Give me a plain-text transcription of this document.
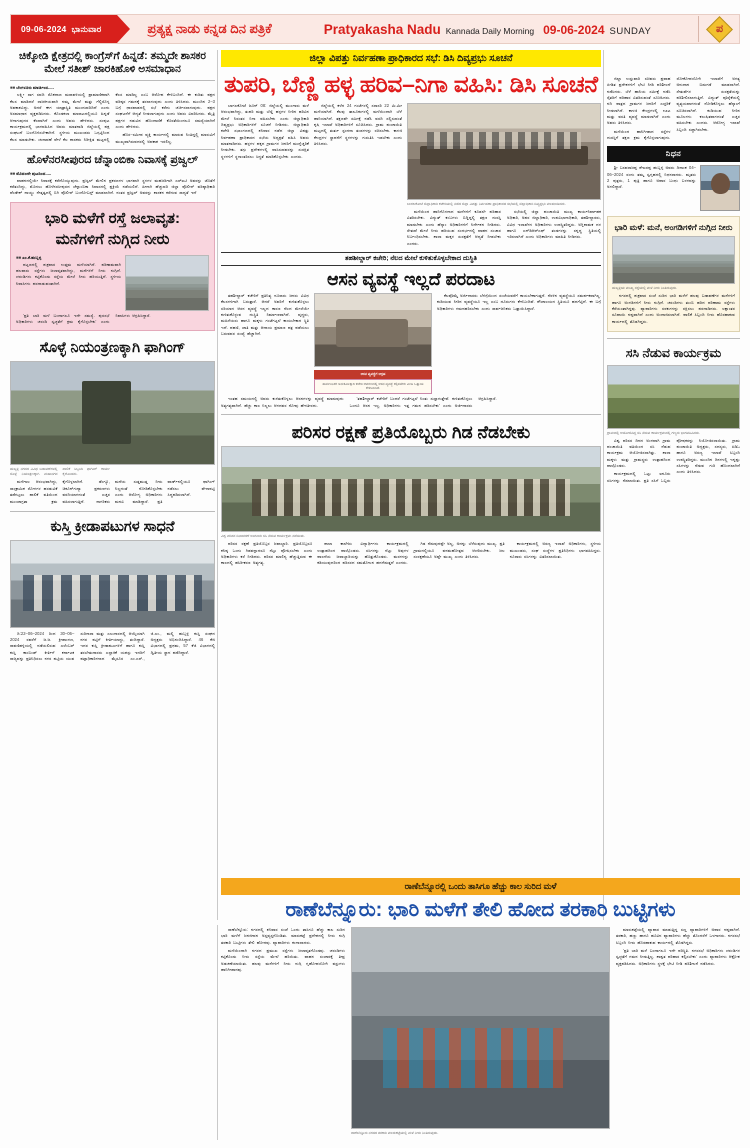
09-06-2024 ಭಾನುವಾರ	ಪ್ರತ್ಯಕ್ಷ ನಾಡು ಕನ್ನಡ ದಿನ ಪತ್ರಿಕೆ	Pratyakasha Nadu Kannada Daily Morning 09-06-2024 SUNDAY	ಪ
ಚಿಕ್ಕೋಡಿ ಕ್ಷೇತ್ರದಲ್ಲಿ ಕಾಂಗ್ರೆಸ್‌ಗೆ ಹಿನ್ನಡೆ: ತಮ್ಮದೇ ಶಾಸಕರ ಮೇಲೆ ಸತೀಶ್ ಜಾರಕಿಹೊಳಿ ಅಸಮಾಧಾನ
■■ ಬೆಂಗಳೂರು ಮಾರ್ಚಿಂದ.....

ಲಕ್ಷ್ಮೀ ಸಾಗ ಸವದಿ ರೊಕದಾಣ ಮರಾವಳಿಯಲ್ಲಿ ಪ್ರಾಮಾಣಿಕವಾಗಿ ಕೆಲಸ ಮಾಡಿದರೆ ರಾಜಕೀಯವಾಗಿ ನಮ್ಮ ಮೇಲೆ ಮತ್ತು ಗೆಲ್ಲಿಸೊಳ್ಳ ಅವಕಾಶವಿದ್ದು. ಅದರೆ ಈಗ ಯಾತ್ರಾಸ್ಥಿತಿ ಮುಂದುವರಿದಿದೆ ಎಂದು ಅಸಮಾಧಾನ ವ್ಯಕ್ತಪಡಿಸಿದರು. ಕೊಂಡಕಲಾ ಮಾರಾಟದಲ್ಲಿಯೂ ಹಿನ್ನಡೆ ಆಗಾಗುವುದರ ಕೆಲವಾಗಿದೆ ಎಂದು ಅವರು ಹೇಳಿದರು. ಸಂಪುಟ ಕಾರ್ಯಕ್ರಮದಲ್ಲಿ ಭಾಗವಹಿಸಿದ ಅವರು ಮಾತನಾಡಿ ಜಿಲ್ಲೆಯಲ್ಲಿ ಪಕ್ಷ ಸಂಘಟನೆ ಬಲಗೊಳಿಸಬೇಕಾಗಿದೆ. ಸ್ಥಳೀಯ ಮುಖಂಡರು ಒಗ್ಗಟ್ಟಿನಿಂದ ಕೆಲಸ ಮಾಡಬೇಕು. ಚುನಾವಣೆ ವೇಳೆ ಕೆಲ ಶಾಸಕರು ನಿರೀಕ್ಷಿತ ಮಟ್ಟದಲ್ಲಿ ಕೆಲಸ ಮಾಡಿಲ್ಲ ಎಂಬ ಆರೋಪ ಕೇಳಿಬಂದಿದೆ. ಈ ಕುರಿತು ಪಕ್ಷದ ವರಿಷ್ಠರ ಗಮನಕ್ಕೆ ತರಲಾಗುವುದು ಎಂದು ತಿಳಿಸಿದರು. ಮುಂದಿನ 2–3 ಬಗ್ಗೆ ಧಾರವಾಡದಲ್ಲಿ ಸಭೆ ಕರೆದು ಚರ್ಚಿಸಲಾಗುವುದು. ಪಕ್ಷದ ಸಂಘಟನೆಗೆ ಆದ್ಯತೆ ನೀಡಲಾಗುವುದು ಎಂದು ಅವರು ವಿವರಿಸಿದರು. ಮೈತ್ರಿ ಪಕ್ಷಗಳ ನಡುವಿನ ಹೊಂದಾಣಿಕೆ ಕೊರತೆಯಿಂದಲೂ ಸಮಸ್ಯೆಯಾಗಿದೆ ಎಂದು ಹೇಳಿದರು.

ಹೊಸ–ಸಮೀಪ ವ್ಯಕ್ತಿ ಕಾರ್ಯದಲ್ಲಿ ಮಾರುವ ನಿಂತಿದ್ದಲ್ಲಿ ಮಾರುವಿಗೆ ಮುಖ್ಯವಾಗಿರುವದರಲ್ಲಿ ಅವಕಾಶ ಇರಲಿಲ್ಲ.

ಹೊಳೆನರಸೀಪುರದ ಚೆನ್ನಾಂಬಿಕಾ ನಿವಾಸಕ್ಕೆ ಪ್ರಜ್ವಲ್
■■ ಮೊದಲನೇ ಪುಟದಿಂದ.....

ವಾಹನದಲ್ಲಿಯೇ ನಿವಾಸಕ್ಕೆ ಕರೆದೊಯ್ಯುವುದು. ಪ್ರಜ್ವಲ್ ಮೇಲಿನ ಪ್ರಕರಣಗಳ ಭಾಗವಾಗಿ ಸ್ಥಳಗಳ ಮಹಜರಿಗಾಗಿ ಎಸ್‌ಐಟಿ ಅವರನ್ನು ಜೊತೆಗೆ ಕರೆತಂದಿದ್ದು, ಮೊದಲು ಹೊಳೆನರಸೀಪುರದ ಚೆನ್ನಾಂಬಿಕಾ ನಿವಾಸದಲ್ಲಿ ಪ್ರಕ್ರಿಯೆ ನಡೆಯಲಿದೆ. ಹೀಗಾಗಿ ಹೆಚ್ಚುವರಿ ಜಿಲ್ಲಾ ಪೊಲೀಸ್ ವರಿಷ್ಠಾಧಿಕಾರಿ ಪೆಂಡೇಶ್ ನಾಯ್ಡು ನೇತೃತ್ವದಲ್ಲಿ ಬಿಗಿ ಪೊಲೀಸ್ ಬಂದೋಬಸ್ತ್ ಮಾಡಲಾಗಿದೆ. ನಂತರ ಪ್ರಜ್ವಲ್ ಅವರನ್ನು ಶಾಸಕನ ಕರೆದುವ ಸಾಧ್ಯತೆ ಇದೆ

ಭಾರಿ ಮಳೆಗೆ ರಸ್ತೆ ಜಲಾವೃತ:
ಮನೆಗಳಿಗೆ ನುಗ್ಗಿದ ನೀರು
■■ ಎಂ.ಕೆ.ಹುಬ್ಬಳ್ಳಿ

ಪಟ್ಟಣದಲ್ಲಿ ಶುಕ್ರವಾರ ಉತ್ತಮ ಮಳೆಯಾಗಿದೆ. ಪರಿಣಾಮವಾಗಿ ಹಲವಾರು ರಸ್ತೆಗಳು ಜಲಾವೃತವಾಗಿದ್ದು, ಮನೆಗಳಿಗೆ ನೀರು ನುಗ್ಗಿದೆ. ಚರಂಡಿಗಳು ಕಟ್ಟಿಕೊಂಡು ರಸ್ತೆಯ ಮೇಲೆ ನೀರು ಹರಿಯುತ್ತಿದೆ. ಸ್ಥಳೀಯ ನಿವಾಸಿಗಳು ಪರದಾಡುವಂತಾಗಿದೆ.

'ಪ್ರತಿ ಬಾರಿ ಮಳೆ ಬಂದಾಗಲೂ ಇದೇ ಸಮಸ್ಯೆ. ಪುರಸಭೆ ಅಧಿಕಾರಿಗಳು ಚರಂಡಿ ಸ್ವಚ್ಛತೆಗೆ ಕ್ರಮ ಕೈಗೊಳ್ಳಬೇಕು' ಎಂದು ನಿವಾಸಿಗಳು ಆಗ್ರಹಿಸಿದ್ದಾರೆ.

ಸೊಳ್ಳೆ ನಿಯಂತ್ರಣಕ್ಕಾಗಿ ಫಾಗಿಂಗ್
ಹುಬ್ಬಳ್ಳಿ ನಗರದ ವಿವಿಧ ಬಡಾವಣೆಗಳಲ್ಲಿ ಸೊಳ್ಳೆ ನಿಯಂತ್ರಣಕ್ಕಾಗಿ ಮಹಾನಗರ ಪಾಲಿಕೆ ಸಿಬ್ಬಂದಿ ಫಾಗಿಂಗ್ ಕಾರ್ಯ ಕೈಗೊಂಡರು.

ಮಳೆಗಾಲ ಆರಂಭವಾಗಿದ್ದು, ಸಾಂಕ್ರಾಮಿಕ ರೋಗಗಳ ಹರಡುವಿಕೆ ತಡೆಗಟ್ಟಲು ಪಾಲಿಕೆ ವತಿಯಿಂದ ಮುಂಜಾಗ್ರತಾ ಕ್ರಮ ಕೈಗೊಳ್ಳಲಾಗಿದೆ. ಡೆಂಗ್ಯೂ, ಚಿಕೂನ್‌ಗುನ್ಯಾ ಪ್ರಕರಣಗಳು ವರದಿಯಾಗದಂತೆ ಎಚ್ಚರ ವಹಿಸಲಾಗುತ್ತಿದೆ. ನಾಗರಿಕರು ಮನೆಯ ಸುತ್ತಮುತ್ತ ನೀರು ನಿಲ್ಲದಂತೆ ನೋಡಿಕೊಳ್ಳಬೇಕು ಎಂದು ಆರೋಗ್ಯ ಅಧಿಕಾರಿಗಳು ಮನವಿ ಮಾಡಿದ್ದಾರೆ. ಪ್ರತಿ ವಾರ್ಡ್‌ನಲ್ಲಿಯೂ ಫಾಗಿಂಗ್ ನಡೆಸಲು ವೇಳಾಪಟ್ಟಿ ಸಿದ್ಧಪಡಿಸಲಾಗಿದೆ.

ಕುಸ್ತಿ ಕ್ರೀಡಾಪಟುಗಳ ಸಾಧನೆ

ದಿ:22–06–2024 ರಿಂದ 30–06–2024 ರವರೆಗೆ ಜ.ಜ. ಕ್ರೀಡಾಂಗಣ, ರಾವಣಿಹಳ್ಳಿಯಲ್ಲಿ ನಡೆಯಲಿರುವ ಎಲೆಂಬರ್ ಕುಸ್ತಿ ಕಾಂಬಿಂಡ್ ಕೀರ್ತಿಗೆ ಕರ್ನಾಟಕ ರಾಜ್ಯವನ್ನು ಪ್ರತಿನಿಧಿಸಲು ನಗರ ಪಟ್ಟಿಯ ಯುವ ಸುರಿಗಾರಾ ಮತ್ತು ಎಲುಗಾರದಲ್ಲಿ ಆಯ್ಕೆಯಾಗಿ ನಗರ ಪಟ್ಟಿಗೆ ಕೀರ್ತಿಯಾದ್ದು, ತಂದಿದ್ದಾರೆ. ಇದರ ಕುಸ್ತಿ ಕ್ರೀಡಾಪಟುಗಳಿಗೆ ಹಾಗೂ ಕುಸ್ತಿ ತರಬೇತುದಾರರು ಎಲ್ಲಾಕಿಕೆ ಯಶಸ್ಸು ಇದರಿಗೆ ಪಟ್ಟಾಧಿಕಾರಿಗಳಾದ ಮೈಸೂರ ಎಂ.ಎಸ್., ಜಿ.ಎಂ., ಮಲ್ಲಿ ಹುಬ್ಬಳ್ಳಿ ಕುಸ್ತಿ ಸಂಘದ ಅಧ್ಯಕ್ಷರು ಅಭಿನಂದಿಸಿದ್ದಾರೆ. 46 ಕೆಜಿ ವಿಭಾಗದಲ್ಲಿ ಪ್ರಥಮ, 57 ಕೆಜಿ ವಿಭಾಗದಲ್ಲಿ ದ್ವಿತೀಯ ಸ್ಥಾನ ಪಡೆದಿದ್ದಾರೆ.

ಜಿಲ್ಲಾ ವಿಪತ್ತು ನಿರ್ವಹಣಾ ಪ್ರಾಧಿಕಾರದ ಸಭೆ: ಡಿಸಿ ದಿವ್ಯಪ್ರಭು ಸೂಚನೆ
ತುಪರಿ, ಬೆಣ್ಣಿ ಹಳ್ಳ ಹರಿವ–ನಿಗಾ ವಹಿಸಿ: ಡಿಸಿ ಸೂಚನೆ

ಬಾಗಲಕೋಟೆ ಜೂನ್ 08: ಜಿಲ್ಲೆಯಲ್ಲಿ ಮುಂಗಾರು ಮಳೆ ಆರಂಭವಾಗಿದ್ದು, ತುಪರಿ ಮತ್ತು ಬೆಣ್ಣಿ ಹಳ್ಳಗಳ ನೀರಿನ ಹರಿವಿನ ಮೇಲೆ ನಿರಂತರ ನಿಗಾ ವಹಿಸಬೇಕು ಎಂದು ಜಿಲ್ಲಾಧಿಕಾರಿ ದಿವ್ಯಪ್ರಭು ಅಧಿಕಾರಿಗಳಿಗೆ ಸೂಚನೆ ನೀಡಿದರು. ಜಿಲ್ಲಾಧಿಕಾರಿ ಕಚೇರಿ ಸಭಾಂಗಣದಲ್ಲಿ ಶನಿವಾರ ನಡೆದ ಜಿಲ್ಲಾ ವಿಪತ್ತು ನಿರ್ವಹಣಾ ಪ್ರಾಧಿಕಾರದ ಸಭೆಯ ಅಧ್ಯಕ್ಷತೆ ವಹಿಸಿ ಅವರು ಮಾತನಾಡಿದರು. ಹಳ್ಳಗಳ ಪಕ್ಕದ ಗ್ರಾಮಗಳ ಜನರಿಗೆ ಮುನ್ನೆಚ್ಚರಿಕೆ ನೀಡಬೇಕು. ತಗ್ಗು ಪ್ರದೇಶಗಳಲ್ಲಿ ವಾಸಿಸುವವರನ್ನು ಸುರಕ್ಷಿತ ಸ್ಥಳಗಳಿಗೆ ಸ್ಥಳಾಂತರಿಸಲು ಸಿದ್ಧತೆ ಮಾಡಿಕೊಳ್ಳಬೇಕು ಎಂದರು.

ಜಿಲ್ಲೆಯಲ್ಲಿ ಕಳೆದ 24 ಗಂಟೆಗಳಲ್ಲಿ ಸರಾಸರಿ 22 ಮಿ.ಮೀ ಮಳೆಯಾಗಿದೆ. ಕೆಲವು ತಾಲೂಕುಗಳಲ್ಲಿ ಮಳೆಯಿಂದಾಗಿ ಬೆಳೆ ಹಾನಿಯಾಗಿದೆ. ತಕ್ಷಣವೇ ಸಮೀಕ್ಷೆ ನಡೆಸಿ ವರದಿ ಸಲ್ಲಿಸುವಂತೆ ಕೃಷಿ ಇಲಾಖೆ ಅಧಿಕಾರಿಗಳಿಗೆ ಸೂಚಿಸಿದರು. ಗ್ರಾಮ ಪಂಚಾಯಿತಿ ಮಟ್ಟದಲ್ಲಿ ತುರ್ತು ಸ್ಪಂದನಾ ತಂಡಗಳನ್ನು ರಚಿಸಬೇಕು. ಕಾಳಜಿ ಕೇಂದ್ರಗಳ ಸ್ಥಾಪನೆಗೆ ಸ್ಥಳಗಳನ್ನು ಗುರುತಿಸಿ ಇಡಬೇಕು ಎಂದು ತಿಳಿಸಿದರು.

ಬಾಗಲಕೋಟೆ ಜಿಲ್ಲಾಧಿಕಾರಿ ಕಚೇರಿಯಲ್ಲಿ ನಡೆದ ಜಿಲ್ಲಾ ವಿಪತ್ತು ನಿರ್ವಹಣಾ ಪ್ರಾಧಿಕಾರದ ಸಭೆಯಲ್ಲಿ ಜಿಲ್ಲಾಧಿಕಾರಿ ದಿವ್ಯಪ್ರಭು ಮಾತನಾಡಿದರು.

ಮಳೆಯಿಂದ ಹಾನಿಗೊಳಗಾದ ಮನೆಗಳಿಗೆ ಕೂಡಲೇ ಪರಿಹಾರ ವಿತರಿಸಬೇಕು. ವಿದ್ಯುತ್ ಕಂಬಗಳು ಬಿದ್ದಿದ್ದಲ್ಲಿ ತಕ್ಷಣ ದುರಸ್ತಿ ಮಾಡಬೇಕು ಎಂದು ಹೆಸ್ಕಾಂ ಅಧಿಕಾರಿಗಳಿಗೆ ನಿರ್ದೇಶನ ನೀಡಿದರು. ಸೇತುವೆ ಮೇಲೆ ನೀರು ಹರಿಯುವ ಸಂದರ್ಭದಲ್ಲಿ ವಾಹನ ಸಂಚಾರ ನಿರ್ಬಂಧಿಸಬೇಕು. ಶಾಲಾ ಮಕ್ಕಳ ಸುರಕ್ಷತೆಗೆ ಆದ್ಯತೆ ನೀಡಬೇಕು ಎಂದರು.

ಸಭೆಯಲ್ಲಿ ಜಿಲ್ಲಾ ಪಂಚಾಯಿತಿ ಮುಖ್ಯ ಕಾರ್ಯನಿರ್ವಾಹಕ ಅಧಿಕಾರಿ, ಅಪರ ಜಿಲ್ಲಾಧಿಕಾರಿ, ಉಪವಿಭಾಗಾಧಿಕಾರಿ, ತಹಶೀಲ್ದಾರರು, ವಿವಿಧ ಇಲಾಖೆಗಳ ಅಧಿಕಾರಿಗಳು ಉಪಸ್ಥಿತರಿದ್ದರು. ಅಗ್ನಿಶಾಮಕ ದಳ ಹಾಗೂ ಎನ್‌ಡಿಆರ್‌ಎಫ್ ತಂಡಗಳನ್ನು ಸನ್ನದ್ಧ ಸ್ಥಿತಿಯಲ್ಲಿ ಇರಿಸಲಾಗಿದೆ ಎಂದು ಅಧಿಕಾರಿಗಳು ಮಾಹಿತಿ ನೀಡಿದರು.

ತಹಶೀಲ್ದಾರ್ ಕಚೇರಿ; ನೆಲದ ಮೇಲೆ ಕುಳಿತುಕೊಳ್ಳಬೇಕಾದ ದುಸ್ಥಿತಿ
ಆಸನ ವ್ಯವಸ್ಥೆ ಇಲ್ಲದೆ ಪರದಾಟ

ತಹಶೀಲ್ದಾರ್ ಕಚೇರಿಗೆ ಪ್ರತಿನಿತ್ಯ ನೂರಾರು ಜನರು ವಿವಿಧ ಕೆಲಸಗಳಿಗಾಗಿ ಬರುತ್ತಾರೆ. ಆದರೆ ಅವರಿಗೆ ಕುಳಿತುಕೊಳ್ಳಲು ಸರಿಯಾದ ಆಸನ ವ್ಯವಸ್ಥೆ ಇಲ್ಲದ ಕಾರಣ ನೆಲದ ಮೇಲೆಯೇ ಕುಳಿತುಕೊಳ್ಳುವ ದುಸ್ಥಿತಿ ನಿರ್ಮಾಣವಾಗಿದೆ. ವೃದ್ಧರು, ಮಹಿಳೆಯರು ಹಾಗೂ ಮಕ್ಕಳು ಗಂಟೆಗಟ್ಟಲೆ ಕಾಯಬೇಕಾದ ಸ್ಥಿತಿ ಇದೆ. ಪಹಣಿ, ಜಾತಿ ಮತ್ತು ಆದಾಯ ಪ್ರಮಾಣ ಪತ್ರ ಪಡೆಯಲು ಬರುವವರ ಸಂಖ್ಯೆ ಹೆಚ್ಚಾಗಿದೆ.

ಆಸನ ವ್ಯವಸ್ಥೆಗೆ ಆಗ್ರಹ
ಸಾರ್ವಜನಿಕರ ಅನುಕೂಲಕ್ಕಾಗಿ ಕಚೇರಿ ಆವರಣದಲ್ಲಿ ಆಸನ ವ್ಯವಸ್ಥೆ ಕಲ್ಪಿಸಬೇಕು ಎಂಬ ಒತ್ತಾಯ ಕೇಳಿಬಂದಿದೆ.

ಕೆಲವೊಮ್ಮೆ ಅರ್ಜಿದಾರರು ಬೆಳಿಗ್ಗೆಯಿಂದ ಸಂಜೆಯವರೆಗೆ ಕಾಯಬೇಕಾಗುತ್ತದೆ. ನೆರಳಿನ ವ್ಯವಸ್ಥೆಯೂ ಸಮರ್ಪಕವಾಗಿಲ್ಲ. ಕುಡಿಯುವ ನೀರಿನ ವ್ಯವಸ್ಥೆಯೂ ಇಲ್ಲ ಎಂಬ ದೂರುಗಳು ಕೇಳಿಬಂದಿವೆ. ಶೌಚಾಲಯದ ಸ್ಥಿತಿಯೂ ಹದಗೆಟ್ಟಿದೆ. ಈ ಬಗ್ಗೆ ಅಧಿಕಾರಿಗಳು ಗಮನಹರಿಸಬೇಕು ಎಂದು ಸಾರ್ವಜನಿಕರು ಒತ್ತಾಯಿಸಿದ್ದಾರೆ.

ಇಂತಹ ಸಮಯದಲ್ಲಿ ಅವರು ಕುಳಿತುಕೊಳ್ಳಲು ಆಸನಗಳನ್ನು ವ್ಯವಸ್ಥೆ ಮಾಡುವುದು ಅತ್ಯಗತ್ಯವಾಗಿದೆ. ಹೆಚ್ಚು ಕಾಲ ನಿಲ್ಲಲು ಆಗದವರ ನೋವು ಹೇಳತೀರದು.

'ತಹಶೀಲ್ದಾರ್ ಕಚೇರಿಗೆ ಬಂದರೆ ಗಂಟೆಗಟ್ಟಲೆ ನಿಂತು ಸುಸ್ತಾಗುತ್ತೇವೆ. ಕುಳಿತುಕೊಳ್ಳಲು ಒಂದೂ ಆಸನ ಇಲ್ಲ. ಅಧಿಕಾರಿಗಳು ಇತ್ತ ಗಮನ ಹರಿಸಬೇಕು' ಎಂದು ಅರ್ಜಿದಾರರು ಆಗ್ರಹಿಸಿದ್ದಾರೆ.

ಪರಿಸರ ರಕ್ಷಣೆ ಪ್ರತಿಯೊಬ್ಬರು ಗಿಡ ನೆಡಬೇಕು
ವಿಶ್ವ ಪರಿಸರ ದಿನಾಚರಣೆ ಅಂಗವಾಗಿ ಸಸಿ ನೆಡುವ ಕಾರ್ಯಕ್ರಮ ನಡೆಯಿತು.

ಪರಿಸರ ರಕ್ಷಣೆ ಪ್ರತಿಯೊಬ್ಬರ ಜವಾಬ್ದಾರಿ. ಪ್ರತಿಯೊಬ್ಬರೂ ಕನಿಷ್ಠ ಒಂದು ಗಿಡವನ್ನಾದರೂ ನೆಟ್ಟು ಪೋಷಿಸಬೇಕು ಎಂದು ಅಧಿಕಾರಿಗಳು ಕರೆ ನೀಡಿದರು. ಪರಿಸರ ಮಾಲಿನ್ಯ ಹೆಚ್ಚುತ್ತಿರುವ ಈ ಕಾಲದಲ್ಲಿ ಹಸಿರೀಕರಣ ಅತ್ಯಗತ್ಯ.

ಶಾಲಾ ಕಾಲೇಜು ವಿದ್ಯಾರ್ಥಿಗಳು ಕಾರ್ಯಕ್ರಮದಲ್ಲಿ ಉತ್ಸಾಹದಿಂದ ಪಾಲ್ಗೊಂಡರು. ಸಸಿಗಳನ್ನು ನೆಟ್ಟು ಅವುಗಳ ಪಾಲನೆಯ ಜವಾಬ್ದಾರಿಯನ್ನು ಹೊತ್ತುಕೊಂಡರು. ಮರಗಳನ್ನು ಕಡಿಯುವುದರಿಂದ ಪರಿಸರದ ಸಮತೋಲನ ಹದಗೆಡುತ್ತದೆ ಎಂದರು.

ಗಿಡ ನೆಡುವುದಷ್ಟೇ ಅಲ್ಲ, ಅದನ್ನು ಬೆಳೆಸುವುದು ಮುಖ್ಯ. ಪ್ರತಿ ಗ್ರಾಮದಲ್ಲಿಯೂ ವನಮಹೋತ್ಸವ ಆಚರಿಸಬೇಕು. ಜಲ ಸಂರಕ್ಷಣೆಯೂ ಅಷ್ಟೇ ಮುಖ್ಯ ಎಂದು ತಿಳಿಸಿದರು.

ಕಾರ್ಯಕ್ರಮದಲ್ಲಿ ಅರಣ್ಯ ಇಲಾಖೆ ಅಧಿಕಾರಿಗಳು, ಸ್ಥಳೀಯ ಮುಖಂಡರು, ಸಂಘ ಸಂಸ್ಥೆಗಳ ಪ್ರತಿನಿಧಿಗಳು ಭಾಗವಹಿಸಿದ್ದರು. ನೂರಾರು ಸಸಿಗಳನ್ನು ವಿತರಿಸಲಾಯಿತು.

ಜಿಲ್ಲಾ ಉಸ್ತುವಾರಿ ಸಚಿವರು ಪ್ರವಾಹ ಪೀಡಿತ ಪ್ರದೇಶಗಳಿಗೆ ಭೇಟಿ ನೀಡಿ ಪರಿಶೀಲನೆ ನಡೆಸಿದರು. ಬೆಳೆ ಹಾನಿಯ ಸಮೀಕ್ಷೆ ನಡೆಸಿ ರೈತರಿಗೆ ಪರಿಹಾರ ವಿತರಿಸುವಂತೆ ಸೂಚಿಸಿದರು. ನದಿ ಪಾತ್ರದ ಗ್ರಾಮಗಳ ಜನರಿಗೆ ಎಚ್ಚರಿಕೆ ನೀಡಲಾಗಿದೆ. ಕಾಳಜಿ ಕೇಂದ್ರಗಳಲ್ಲಿ ಊಟ ಮತ್ತು ವಸತಿ ವ್ಯವಸ್ಥೆ ಮಾಡಲಾಗಿದೆ ಎಂದು ಅವರು ತಿಳಿಸಿದರು.

ಮಳೆಯಿಂದ ಹಾನಿಗೀಡಾದ ರಸ್ತೆಗಳ ದುರಸ್ತಿಗೆ ತಕ್ಷಣ ಕ್ರಮ ಕೈಗೊಳ್ಳಲಾಗುವುದು. ಲೋಕೋಪಯೋಗಿ ಇಲಾಖೆಗೆ ಅಗತ್ಯ ಅನುದಾನ ಬಿಡುಗಡೆ ಮಾಡಲಾಗಿದೆ. ಸೇತುವೆಗಳ ಸುರಕ್ಷತೆಯನ್ನು ಪರಿಶೀಲಿಸಲಾಗುತ್ತಿದೆ. ವಿದ್ಯುತ್ ಪೂರೈಕೆಯಲ್ಲಿ ವ್ಯತ್ಯಯವಾಗದಂತೆ ನೋಡಿಕೊಳ್ಳಲು ಹೆಸ್ಕಾಂಗೆ ಸೂಚಿಸಲಾಗಿದೆ. ಕುಡಿಯುವ ನೀರಿನ ಮೂಲಗಳು ಕಲುಷಿತವಾಗದಂತೆ ಎಚ್ಚರ ವಹಿಸಬೇಕು ಎಂದರು. ಆರೋಗ್ಯ ಇಲಾಖೆ ಸಿಬ್ಬಂದಿ ಸಜ್ಜಾಗಿರಬೇಕು.

ನಿಧನ

ಶ್ರೀ ಬಸವರಾಜಪ್ಪ ಶೇಖರಪ್ಪ ಹುಬ್ಬಳ್ಳಿ ಅವರು ದಿನಾಂಕ 04–06–2024 ರಂದು ತಮ್ಮ ಸ್ವಗೃಹದಲ್ಲಿ ನಿಧನರಾದರು. ಮೃತರು 2 ಪುತ್ರರು, 1 ಪುತ್ರಿ ಹಾಗೂ ಅಪಾರ ಬಂಧು ಬಳಗವನ್ನು ಅಗಲಿದ್ದಾರೆ.

ಭಾರಿ ಮಳೆ: ಮನೆ, ಅಂಗಡಿಗಳಿಗೆ ನುಗ್ಗಿದ ನೀರು
ಹುಬ್ಬಳ್ಳಿಯ ಮುಖ್ಯ ರಸ್ತೆಯಲ್ಲಿ ಮಳೆ ನೀರು ನಿಂತಿರುವುದು.

ನಗರದಲ್ಲಿ ಶುಕ್ರವಾರ ಸಂಜೆ ಸುರಿದ ಭಾರಿ ಮಳೆಗೆ ಹಲವು ಬಡಾವಣೆಗಳ ಮನೆಗಳಿಗೆ ಹಾಗೂ ಅಂಗಡಿಗಳಿಗೆ ನೀರು ನುಗ್ಗಿದೆ. ಚರಂಡಿಗಳು ತುಂಬಿ ಹರಿದ ಪರಿಣಾಮ ರಸ್ತೆಗಳು ಕೆರೆಯಂತಾಗಿದ್ದವು. ವ್ಯಾಪಾರಿಗಳು ಸರಕುಗಳನ್ನು ರಕ್ಷಿಸಲು ಪರದಾಡಿದರು. ಲಕ್ಷಾಂತರ ರೂಪಾಯಿ ನಷ್ಟವಾಗಿದೆ ಎಂದು ಅಂದಾಜಿಸಲಾಗಿದೆ. ಪಾಲಿಕೆ ಸಿಬ್ಬಂದಿ ನೀರು ಹೊರಹಾಕುವ ಕಾರ್ಯದಲ್ಲಿ ತೊಡಗಿದ್ದರು.

ಸಸಿ ನೆಡುವ ಕಾರ್ಯಕ್ರಮ
ಗ್ರಾಮದಲ್ಲಿ ಆಯೋಜಿಸಿದ್ದ ಸಸಿ ನೆಡುವ ಕಾರ್ಯಕ್ರಮದಲ್ಲಿ ಗಣ್ಯರು ಭಾಗವಹಿಸಿದರು.

ವಿಶ್ವ ಪರಿಸರ ದಿನದ ಅಂಗವಾಗಿ ಗ್ರಾಮ ಪಂಚಾಯಿತಿ ವತಿಯಿಂದ ಸಸಿ ನೆಡುವ ಕಾರ್ಯಕ್ರಮ ಆಯೋಜಿಸಲಾಗಿತ್ತು. ಶಾಲಾ ಮಕ್ಕಳು ಮತ್ತು ಗ್ರಾಮಸ್ಥರು ಉತ್ಸಾಹದಿಂದ ಪಾಲ್ಗೊಂಡರು.

ಕಾರ್ಯಕ್ರಮದಲ್ಲಿ ಒಟ್ಟು ಐನೂರು ಸಸಿಗಳನ್ನು ನೆಡಲಾಯಿತು. ಪ್ರತಿ ಸಸಿಗೆ ಒಬ್ಬರು ಪೋಷಕರನ್ನು ನಿಯೋಜಿಸಲಾಯಿತು. ಗ್ರಾಮ ಪಂಚಾಯಿತಿ ಅಧ್ಯಕ್ಷರು, ಸದಸ್ಯರು, ಪಿಡಿಒ ಹಾಗೂ ಅರಣ್ಯ ಇಲಾಖೆ ಸಿಬ್ಬಂದಿ ಉಪಸ್ಥಿತರಿದ್ದರು. ಮುಂದಿನ ದಿನಗಳಲ್ಲಿ ಇನ್ನಷ್ಟು ಸಸಿಗಳನ್ನು ನೆಡುವ ಗುರಿ ಹೊಂದಲಾಗಿದೆ ಎಂದು ತಿಳಿಸಿದರು.

ರಾಣೆಬೆನ್ನೂರಲ್ಲಿ ಒಂದು ತಾಸಿಗೂ ಹೆಚ್ಚು ಕಾಲ ಸುರಿದ ಮಳೆ
ರಾಣೆಬೆನ್ನೂರು: ಭಾರಿ ಮಳೆಗೆ ತೇಲಿ ಹೋದ ತರಕಾರಿ ಬುಟ್ಟಿಗಳು

ರಾಣೆಬೆನ್ನೂರು: ನಗರದಲ್ಲಿ ಶನಿವಾರ ಸಂಜೆ ಒಂದು ತಾಸಿಗೂ ಹೆಚ್ಚು ಕಾಲ ಸುರಿದ ಭಾರಿ ಮಳೆಗೆ ಜನಜೀವನ ಅಸ್ತವ್ಯಸ್ತಗೊಂಡಿತು. ಮಾರುಕಟ್ಟೆ ಪ್ರದೇಶದಲ್ಲಿ ನೀರು ನುಗ್ಗಿ ತರಕಾರಿ ಬುಟ್ಟಿಗಳು ತೇಲಿ ಹೋದವು. ವ್ಯಾಪಾರಿಗಳು ಕಂಗಾಲಾದರು.

ಮಳೆಯಿಂದಾಗಿ ನಗರದ ಪ್ರಮುಖ ರಸ್ತೆಗಳು ಜಲಾವೃತಗೊಂಡವು. ಚರಂಡಿಗಳು ಕಟ್ಟಿಕೊಂಡು ನೀರು ರಸ್ತೆಯ ಮೇಲೆ ಹರಿಯಿತು. ವಾಹನ ಸಂಚಾರಕ್ಕೆ ತೀವ್ರ ಅಡಚಣೆಯಾಯಿತು. ಹಲವು ಮನೆಗಳಿಗೆ ನೀರು ನುಗ್ಗಿ ಗೃಹೋಪಯೋಗಿ ವಸ್ತುಗಳು ಹಾನಿಗೀಡಾದವು.

ರಾಣೆಬೆನ್ನೂರು ನಗರದ ತರಕಾರಿ ಮಾರುಕಟ್ಟೆಯಲ್ಲಿ ಮಳೆ ನೀರು ನಿಂತಿರುವುದು.

ಮಾರುಕಟ್ಟೆಯಲ್ಲಿ ವ್ಯಾಪಾರ ಮಾಡುತ್ತಿದ್ದ ಸಣ್ಣ ವ್ಯಾಪಾರಿಗಳಿಗೆ ಅಪಾರ ನಷ್ಟವಾಗಿದೆ. ತರಕಾರಿ, ಹಣ್ಣು ಹಾಗೂ ಹೂವಿನ ವ್ಯಾಪಾರಿಗಳು ಹೆಚ್ಚು ತೊಂದರೆಗೆ ಒಳಗಾದರು. ನಗರಸಭೆ ಸಿಬ್ಬಂದಿ ನೀರು ಹೊರಹಾಕುವ ಕಾರ್ಯದಲ್ಲಿ ತೊಡಗಿದ್ದರು.

'ಪ್ರತಿ ಬಾರಿ ಮಳೆ ಬಂದಾಗಲೂ ಇದೇ ಪರಿಸ್ಥಿತಿ. ನಗರಸಭೆ ಅಧಿಕಾರಿಗಳು ಚರಂಡಿಗಳ ಸ್ವಚ್ಛತೆಗೆ ಗಮನ ನೀಡುತ್ತಿಲ್ಲ. ಶಾಶ್ವತ ಪರಿಹಾರ ಕಲ್ಪಿಸಬೇಕು' ಎಂದು ವ್ಯಾಪಾರಿಗಳು ಆಕ್ರೋಶ ವ್ಯಕ್ತಪಡಿಸಿದರು. ಅಧಿಕಾರಿಗಳು ಸ್ಥಳಕ್ಕೆ ಭೇಟಿ ನೀಡಿ ಪರಿಶೀಲನೆ ನಡೆಸಿದರು.
